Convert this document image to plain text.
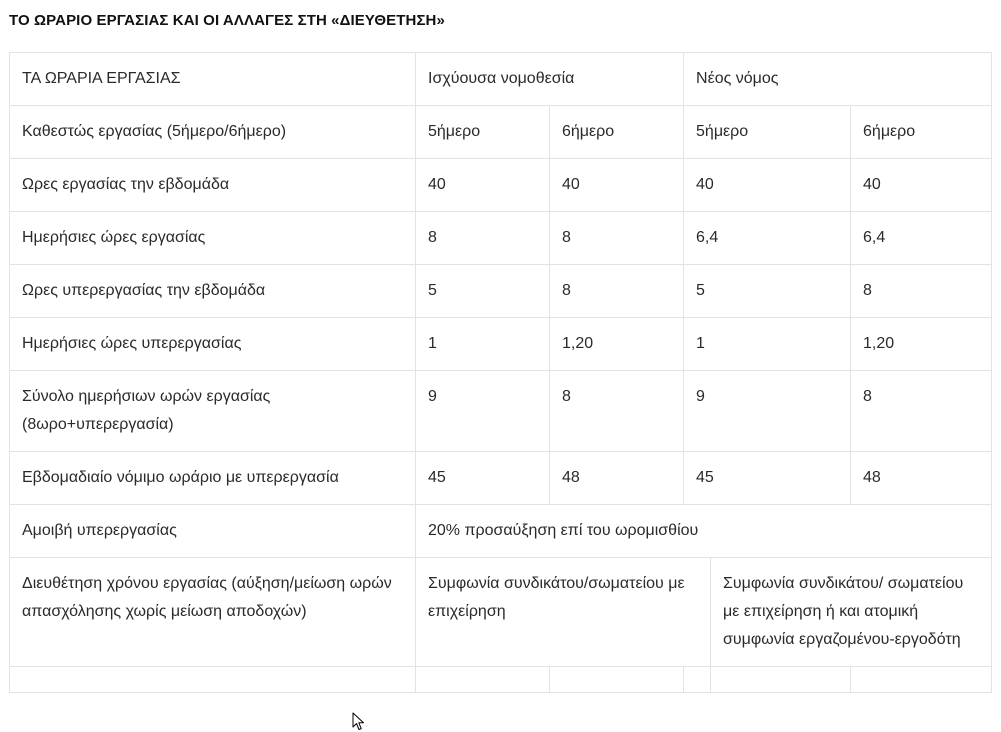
ΤΟ ΩΡΑΡΙΟ ΕΡΓΑΣΙΑΣ ΚΑΙ ΟΙ ΑΛΛΑΓΕΣ ΣΤΗ «ΔΙΕΥΘΕΤΗΣΗ»
ΤΑ ΩΡΑΡΙΑ ΕΡΓΑΣΙΑΣ	Ισχύουσα νομοθεσία		Νέος νόμος		
Καθεστώς εργασίας (5ήμερο/6ήμερο)	5ήμερο	6ήμερο	5ήμερο		6ήμερο
Ωρες εργασίας την εβδομάδα	40	40	40		40
Ημερήσιες ώρες εργασίας	8	8	6,4		6,4
Ωρες υπερεργασίας την εβδομάδα	5	8	5		8
Ημερήσιες ώρες υπερεργασίας	1	1,20	1		1,20
Σύνολο ημερήσιων ωρών εργασίας (8ωρο+υπερεργασία)	9	8	9		8
Εβδομαδιαίο νόμιμο ωράριο με υπερεργασία	45	48	45		48
Αμοιβή υπερεργασίας	20% προσαύξηση επί του ωρομισθίου				
Διευθέτηση χρόνου εργασίας (αύξηση/μείωση ωρών απασχόλησης χωρίς μείωση αποδοχών)	Συμφωνία συνδικάτου/σωματείου με επιχείρηση			Συμφωνία συνδικάτου/ σωματείου με επιχείρηση ή και ατομική συμφωνία εργαζομένου-εργοδότη	
